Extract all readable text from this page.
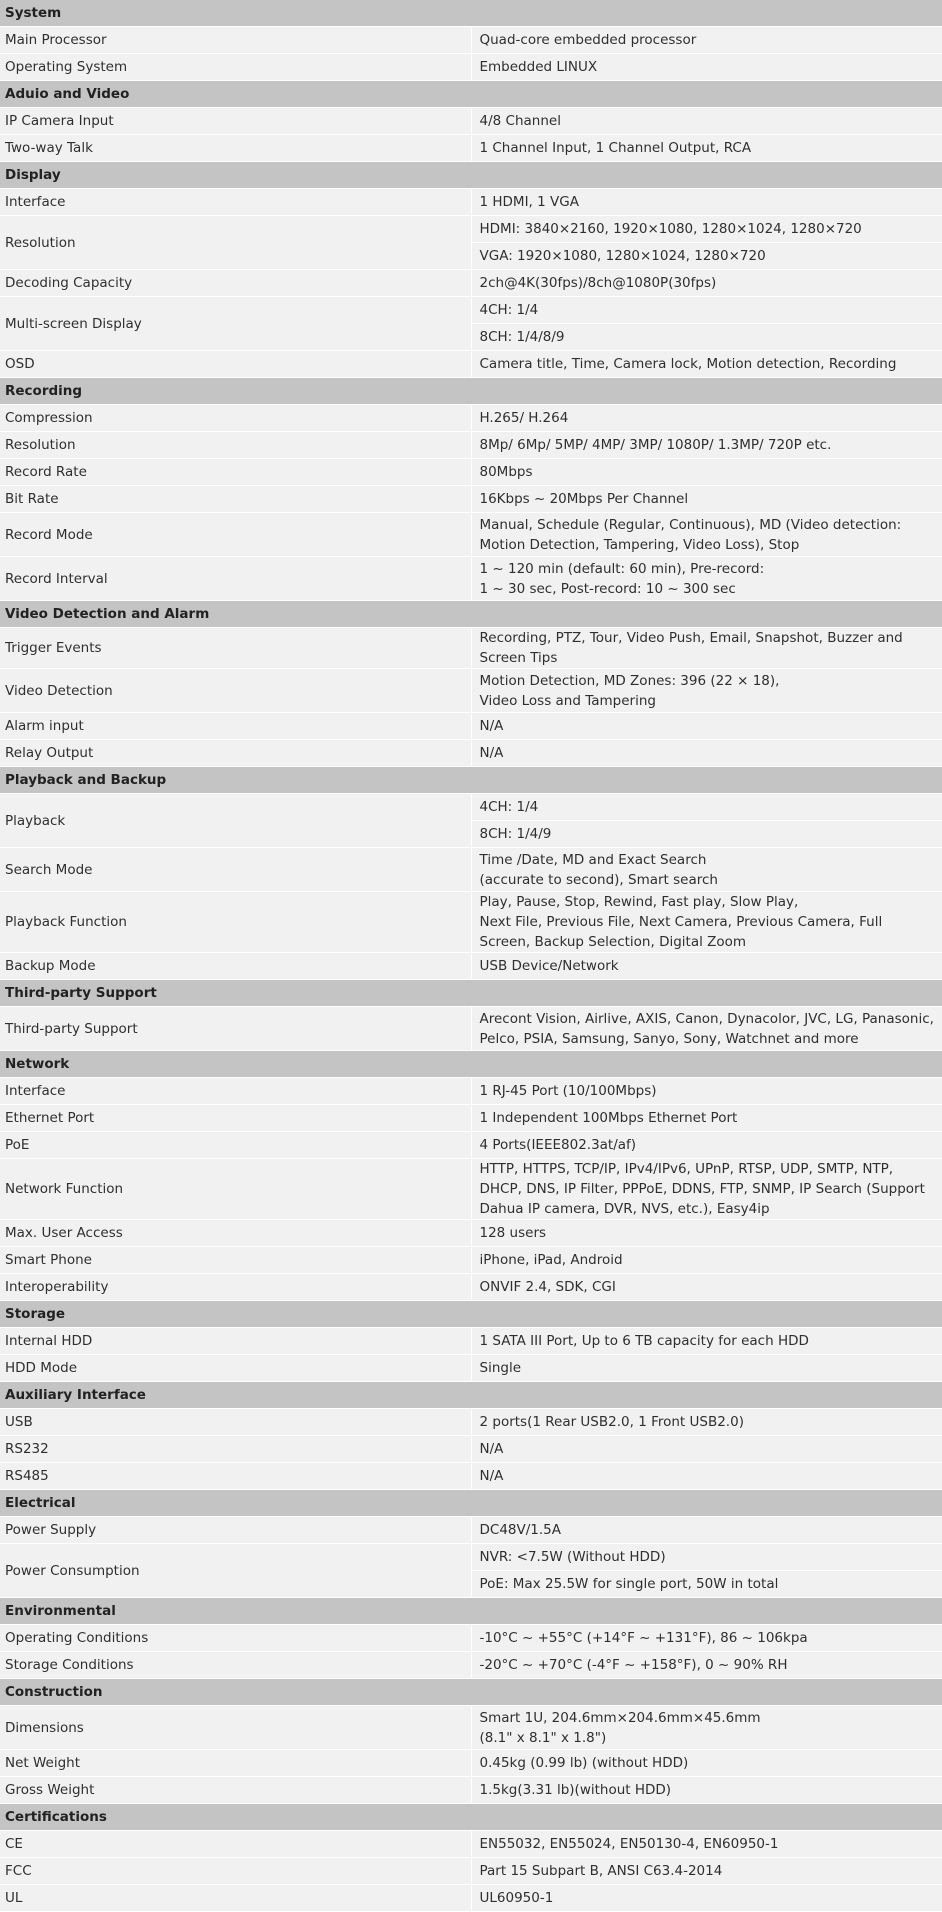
System	
Main Processor	Quad-core embedded processor
Operating System	Embedded LINUX
Aduio and Video	
IP Camera Input	4/8 Channel
Two-way Talk	1 Channel Input, 1 Channel Output, RCA
Display	
Interface	1 HDMI, 1 VGA
Resolution	HDMI: 3840×2160, 1920×1080, 1280×1024, 1280×720
	VGA: 1920×1080, 1280×1024, 1280×720
Decoding Capacity	2ch@4K(30fps)/8ch@1080P(30fps)
Multi-screen Display	4CH: 1/4
	8CH: 1/4/8/9
OSD	Camera title, Time, Camera lock, Motion detection, Recording
Recording	
Compression	H.265/ H.264
Resolution	8Mp/ 6Mp/ 5MP/ 4MP/ 3MP/ 1080P/ 1.3MP/ 720P etc.
Record Rate	80Mbps
Bit Rate	16Kbps ~ 20Mbps Per Channel
Record Mode	Manual, Schedule (Regular, Continuous), MD (Video detection: Motion Detection, Tampering, Video Loss), Stop
Record Interval	1 ~ 120 min (default: 60 min), Pre-record:
1 ~ 30 sec, Post-record: 10 ~ 300 sec
Video Detection and Alarm	
Trigger Events	Recording, PTZ, Tour, Video Push, Email, Snapshot, Buzzer and Screen Tips
Video Detection	Motion Detection, MD Zones: 396 (22 × 18),
Video Loss and Tampering
Alarm input	N/A
Relay Output	N/A
Playback and Backup	
Playback	4CH: 1/4
	8CH: 1/4/9
Search Mode	Time /Date, MD and Exact Search
(accurate to second), Smart search
Playback Function	Play, Pause, Stop, Rewind, Fast play, Slow Play,
Next File, Previous File, Next Camera, Previous Camera, Full Screen, Backup Selection, Digital Zoom
Backup Mode	USB Device/Network
Third-party Support	
Third-party Support	Arecont Vision, Airlive, AXIS, Canon, Dynacolor, JVC, LG, Panasonic, Pelco, PSIA, Samsung, Sanyo, Sony, Watchnet and more
Network	
Interface	1 RJ-45 Port (10/100Mbps)
Ethernet Port	1 Independent 100Mbps Ethernet Port
PoE	4 Ports(IEEE802.3at/af)
Network Function	HTTP, HTTPS, TCP/IP, IPv4/IPv6, UPnP, RTSP, UDP, SMTP, NTP, DHCP, DNS, IP Filter, PPPoE, DDNS, FTP, SNMP, IP Search (Support Dahua IP camera, DVR, NVS, etc.), Easy4ip
Max. User Access	128 users
Smart Phone	iPhone, iPad, Android
Interoperability	ONVIF 2.4, SDK, CGI
Storage	
Internal HDD	1 SATA III Port, Up to 6 TB capacity for each HDD
HDD Mode	Single
Auxiliary Interface	
USB	2 ports(1 Rear USB2.0, 1 Front USB2.0)
RS232	N/A
RS485	N/A
Electrical	
Power Supply	DC48V/1.5A
Power Consumption	NVR: <7.5W (Without HDD)
	PoE: Max 25.5W for single port, 50W in total
Environmental	
Operating Conditions	-10°C ~ +55°C (+14°F ~ +131°F), 86 ~ 106kpa
Storage Conditions	-20°C ~ +70°C (-4°F ~ +158°F), 0 ~ 90% RH
Construction	
Dimensions	Smart 1U, 204.6mm×204.6mm×45.6mm
(8.1" x 8.1" x 1.8")
Net Weight	0.45kg (0.99 lb) (without HDD)
Gross Weight	1.5kg(3.31 lb)(without HDD)
Certifications	
CE	EN55032, EN55024, EN50130-4, EN60950-1
FCC	Part 15 Subpart B, ANSI C63.4-2014
UL	UL60950-1
